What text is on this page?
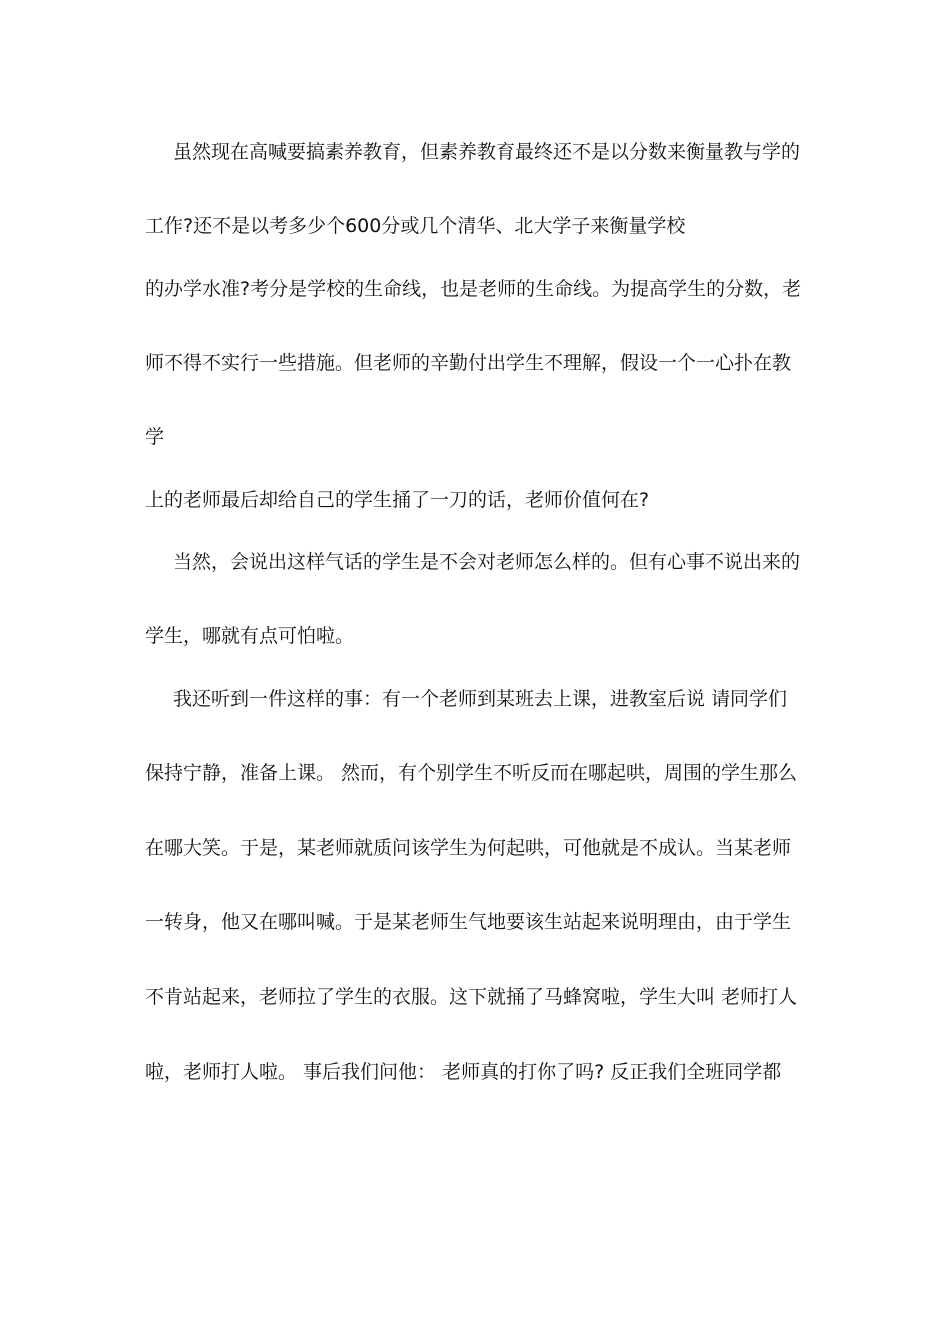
虽然现在高喊要搞素养教育，但素养教育最终还不是以分数来衡量教与学的
工作?还不是以考多少个600分或几个清华、北大学子来衡量学校
的办学水准?考分是学校的生命线，也是老师的生命线。为提高学生的分数，老
师不得不实行一些措施。但老师的辛勤付出学生不理解，假设一个一心扑在教
学
上的老师最后却给自己的学生捅了一刀的话，老师价值何在?
当然，会说出这样气话的学生是不会对老师怎么样的。但有心事不说出来的
学生，哪就有点可怕啦。
我还听到一件这样的事：有一个老师到某班去上课，进教室后说 请同学们
保持宁静，准备上课。 然而，有个别学生不听反而在哪起哄，周围的学生那么
在哪大笑。于是，某老师就质问该学生为何起哄，可他就是不成认。当某老师
一转身，他又在哪叫喊。于是某老师生气地要该生站起来说明理由，由于学生
不肯站起来，老师拉了学生的衣服。这下就捅了马蜂窝啦，学生大叫 老师打人
啦，老师打人啦。 事后我们问他： 老师真的打你了吗? 反正我们全班同学都
